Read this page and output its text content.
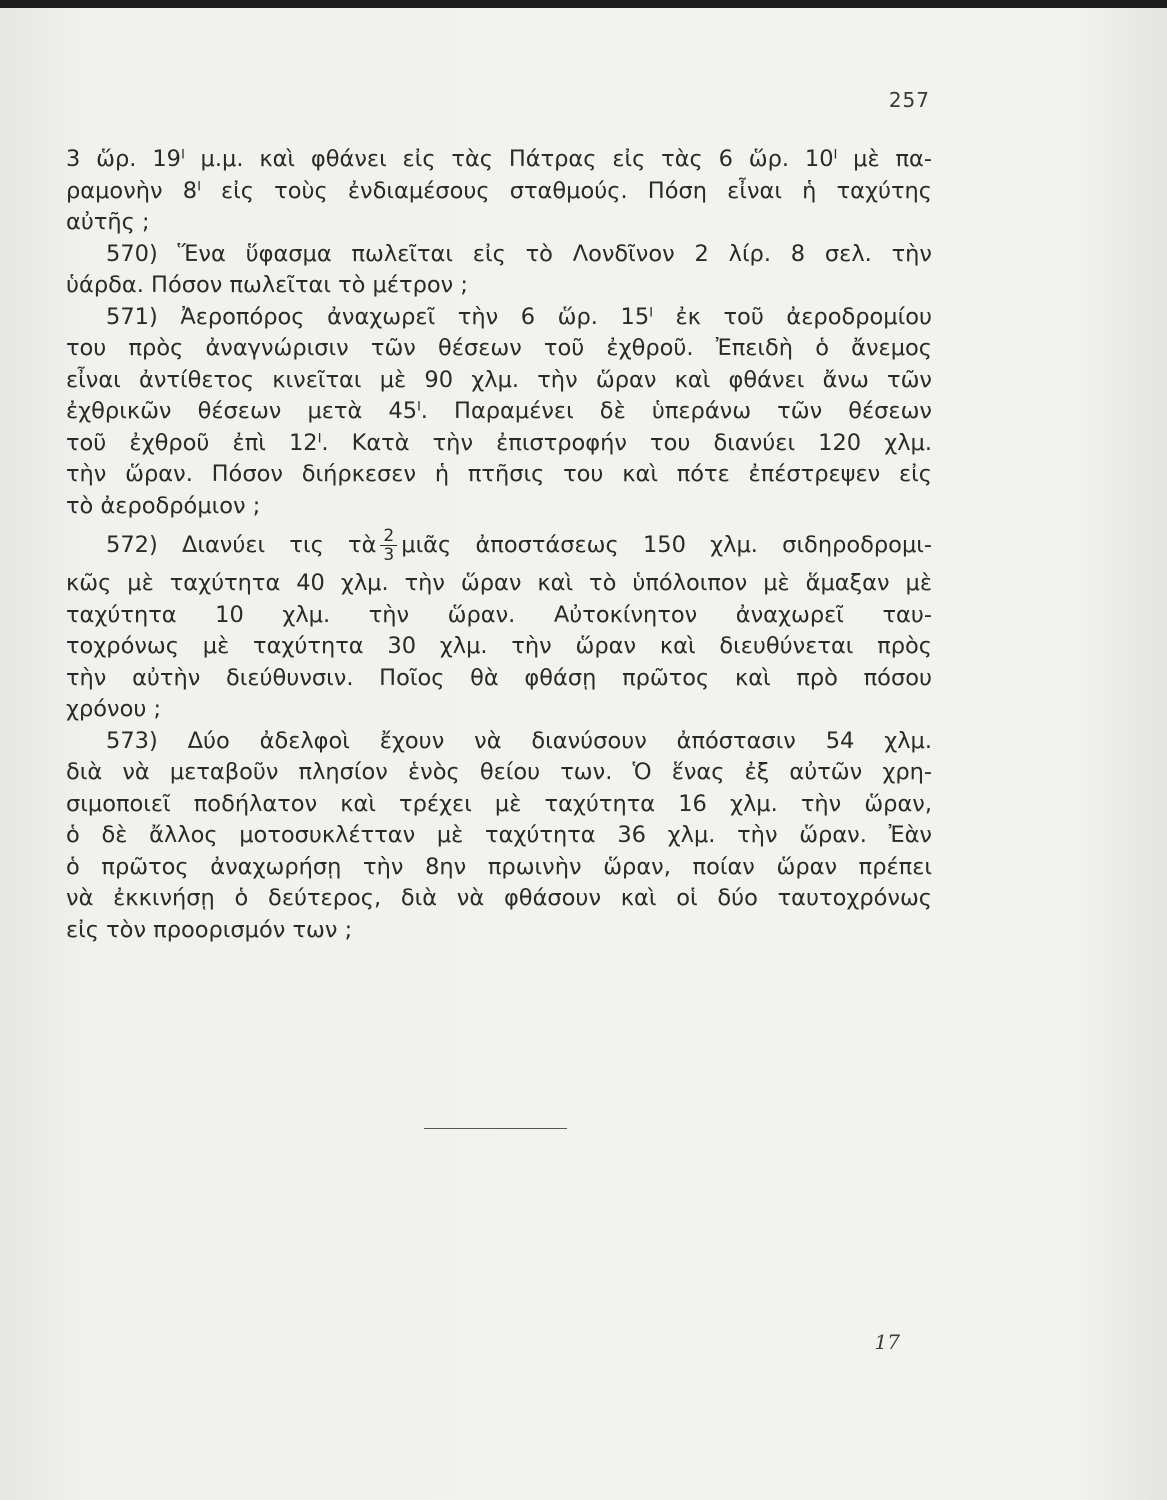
257
3 ὥρ. 19ˡ μ.μ. καὶ φθάνει εἰς τὰς Πάτρας εἰς τὰς 6 ὥρ. 10ˡ μὲ πα-
ραμονὴν 8ˡ εἰς τοὺς ἐνδιαμέσους σταθμούς. Πόση εἶναι ἡ ταχύτης
αὐτῆς ;
570) Ἕνα ὕφασμα πωλεῖται εἰς τὸ Λονδῖνον 2 λίρ. 8 σελ. τὴν
ὑάρδα. Πόσον πωλεῖται τὸ μέτρον ;
571) Ἀεροπόρος ἀναχωρεῖ τὴν 6 ὥρ. 15ˡ ἐκ τοῦ ἀεροδρομίου
του πρὸς ἀναγνώρισιν τῶν θέσεων τοῦ ἐχθροῦ. Ἐπειδὴ ὁ ἄνεμος
εἶναι ἀντίθετος κινεῖται μὲ 90 χλμ. τὴν ὥραν καὶ φθάνει ἄνω τῶν
ἐχθρικῶν θέσεων μετὰ 45ˡ. Παραμένει δὲ ὑπεράνω τῶν θέσεων
τοῦ ἐχθροῦ ἐπὶ 12ˡ. Κατὰ τὴν ἐπιστροφήν του διανύει 120 χλμ.
τὴν ὥραν. Πόσον διήρκεσεν ἡ πτῆσις του καὶ πότε ἐπέστρεψεν εἰς
τὸ ἀεροδρόμιον ;
572) Διανύει τις τὰ $\frac{2}{3}$ μιᾶς ἀποστάσεως 150 χλμ. σιδηροδρομι-
κῶς μὲ ταχύτητα 40 χλμ. τὴν ὥραν καὶ τὸ ὑπόλοιπον μὲ ἅμαξαν μὲ
ταχύτητα 10 χλμ. τὴν ὥραν. Αὐτοκίνητον ἀναχωρεῖ ταυ-
τοχρόνως μὲ ταχύτητα 30 χλμ. τὴν ὥραν καὶ διευθύνεται πρὸς
τὴν αὐτὴν διεύθυνσιν. Ποῖος θὰ φθάσῃ πρῶτος καὶ πρὸ πόσου
χρόνου ;
573) Δύο ἀδελφοὶ ἔχουν νὰ διανύσουν ἀπόστασιν 54 χλμ.
διὰ νὰ μεταβοῦν πλησίον ἑνὸς θείου των. Ὁ ἕνας ἐξ αὐτῶν χρη-
σιμοποιεῖ ποδήλατον καὶ τρέχει μὲ ταχύτητα 16 χλμ. τὴν ὥραν,
ὁ δὲ ἄλλος μοτοσυκλέτταν μὲ ταχύτητα 36 χλμ. τὴν ὥραν. Ἐὰν
ὁ πρῶτος ἀναχωρήσῃ τὴν 8ην πρωινὴν ὥραν, ποίαν ὥραν πρέπει
νὰ ἐκκινήσῃ ὁ δεύτερος, διὰ νὰ φθάσουν καὶ οἱ δύο ταυτοχρόνως
εἰς τὸν προορισμόν των ;
17
